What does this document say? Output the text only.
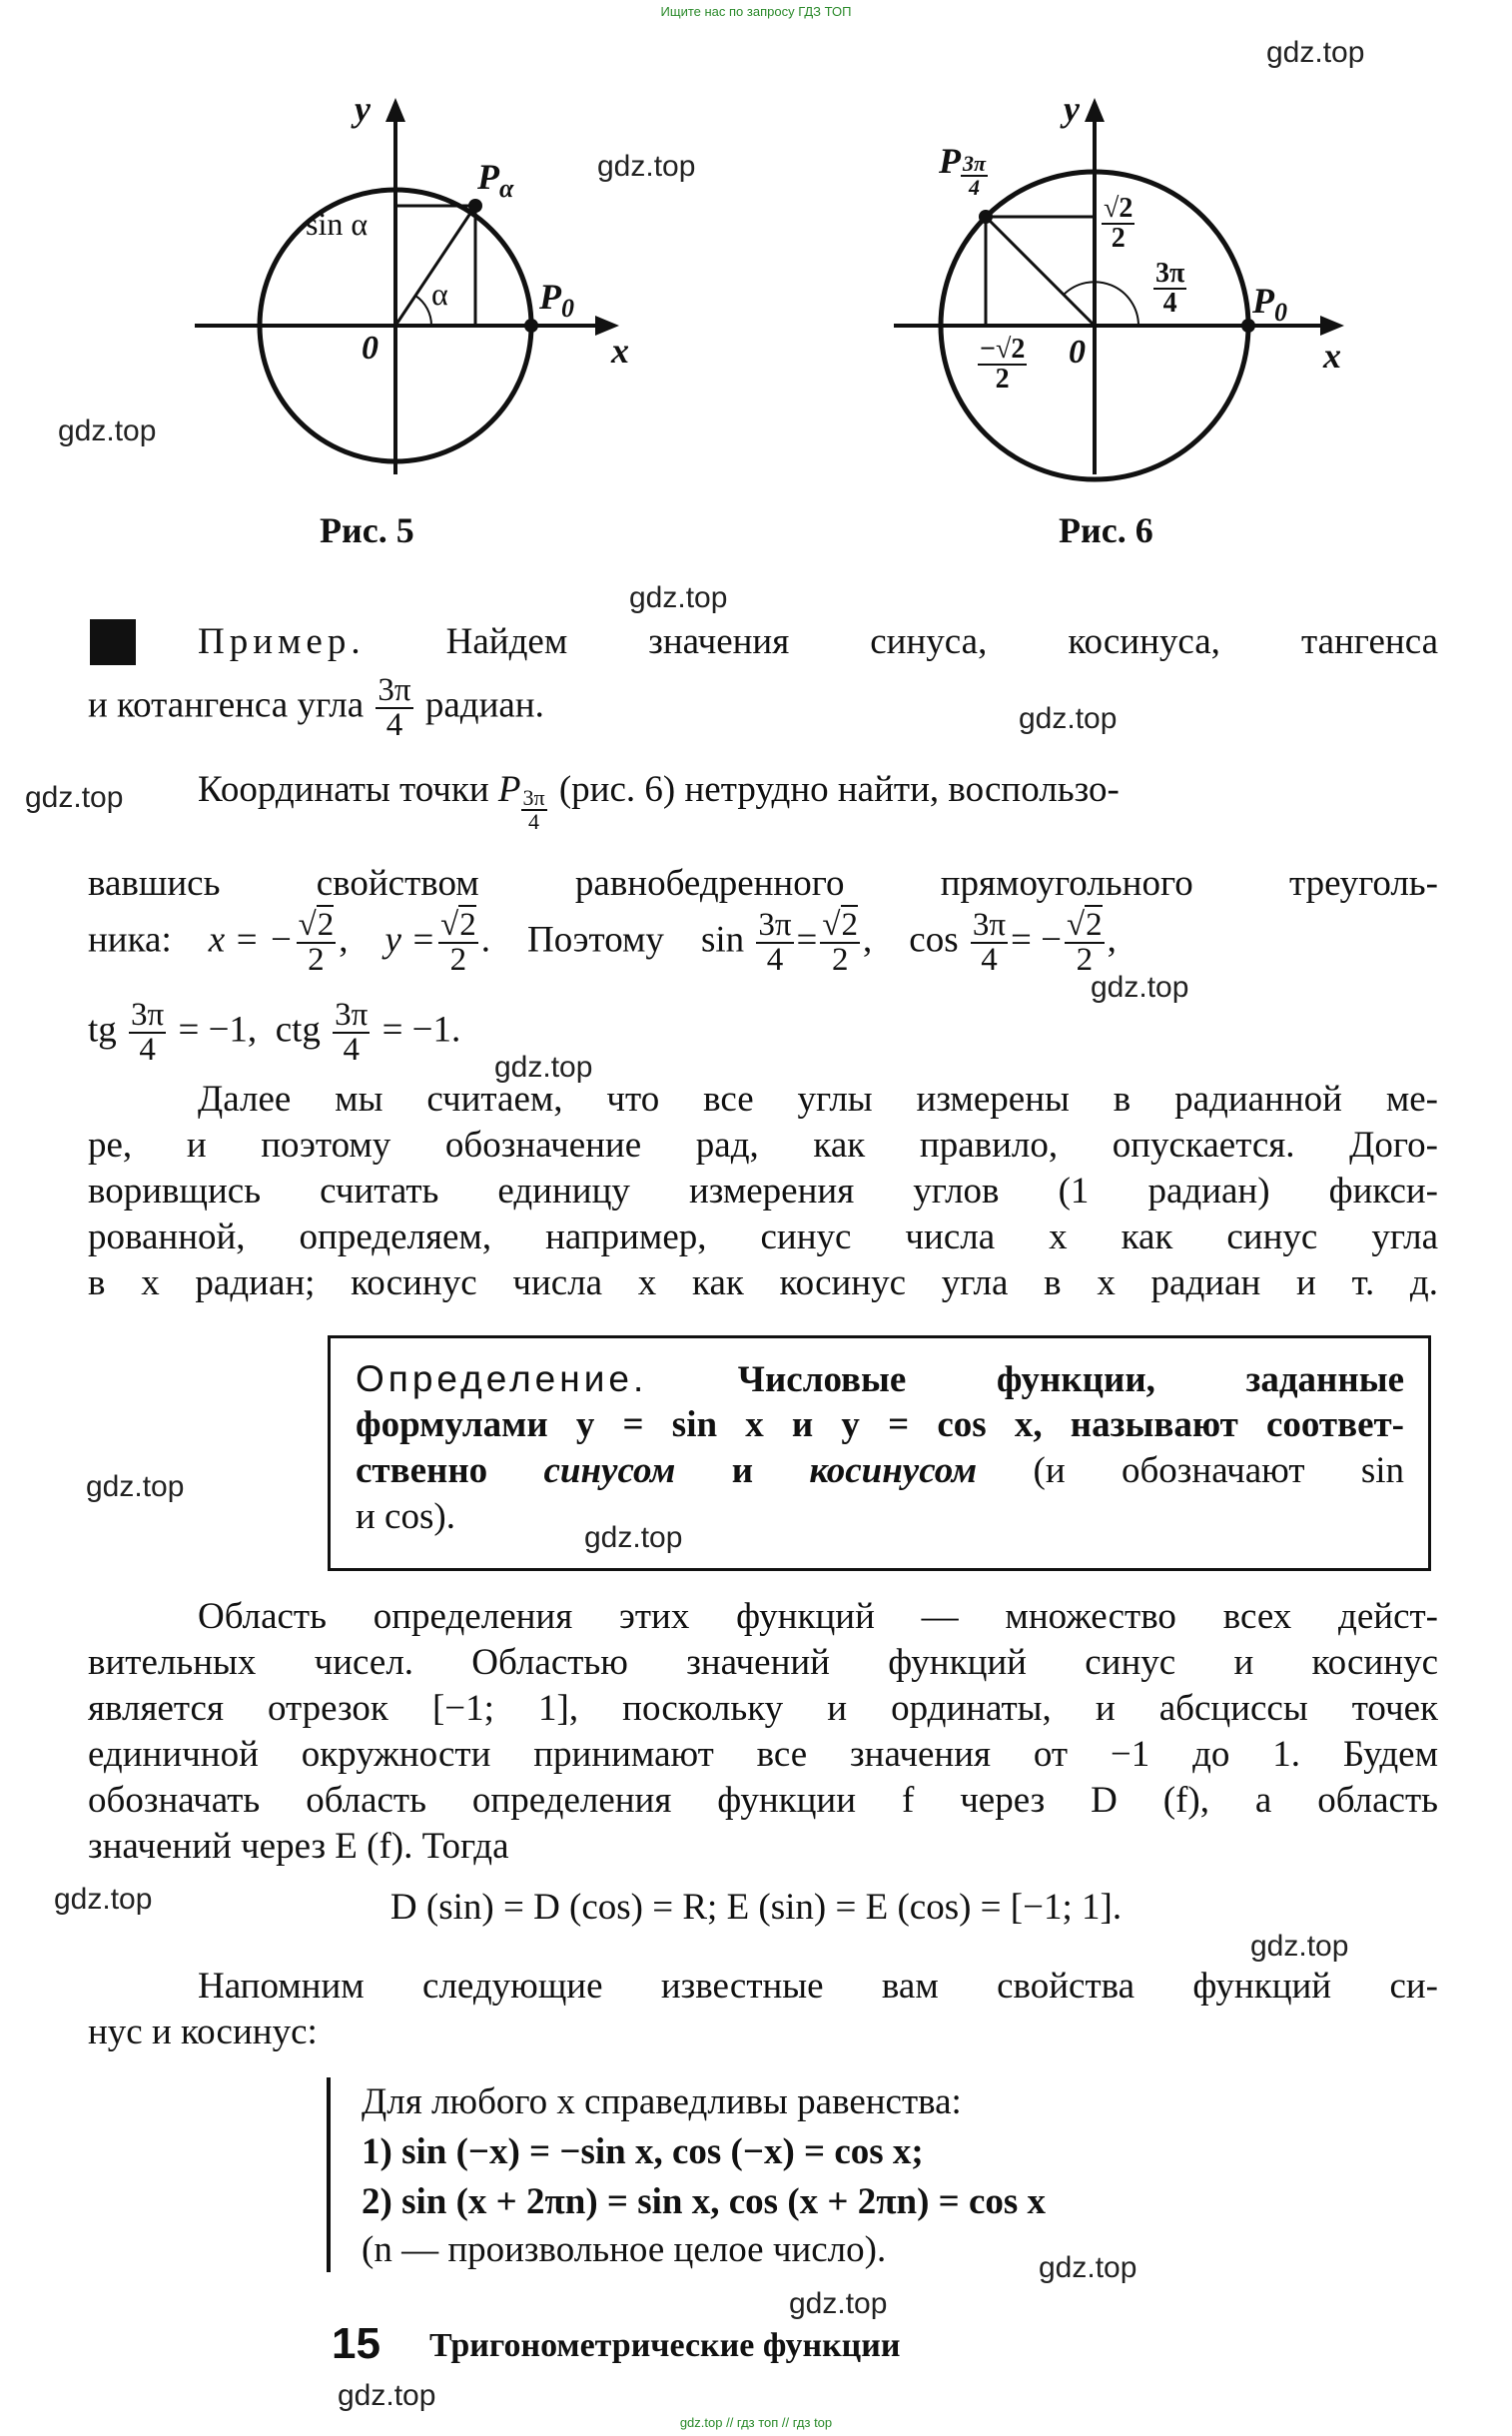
Ищите нас по запросу ГДЗ ТОП
gdz.top
gdz.top
gdz.top
gdz.top
gdz.top
gdz.top
gdz.top
gdz.top
gdz.top
gdz.top
gdz.top
gdz.top
gdz.top
gdz.top
gdz.top
y
x
0
$P_\alpha$
$P_0$
sin α
α
Рис. 5
y
x
0
P $\frac{3\pi}{4}$
$\frac{√2}{2}$
$\frac{-√2}{2}$
$\frac{3\pi}{4} P_0$
Рис. 6
Пример. Найдем значения синуса, косинуса, тангенса
и котангенса угла $\frac{3\pi}{4}$ радиан.
Координаты точки P $\frac{3\pi}{4} (рис$. 6) нетрудно найти, воспользо-
вавшись свойством равнобедренного прямоугольного треуголь-
ника: x = − $\frac{√2}{2}$ ,    $y = \frac{√2}{2}$ .    Поэтому $\sin \frac{3\pi}{4} = \frac{√2}{2}$ ,    $\cos \frac{3\pi}{4}$ = − $\frac{√2}{2}$ ,
tg $\frac{3\pi}{4} = -1$, ctg $\frac{3\pi}{4} = -1$.
Далее мы считаем, что все углы измерены в радианной ме-
ре, и поэтому обозначение рад, как правило, опускается. Дого-
воривщись считать единицу измерения углов (1 радиан) фикси-
рованной, определяем, например, синус числа x как синус угла
в x радиан; косинус числа x как косинус угла в x радиан и т. д.
Определение. Числовые функции, заданные
формулами y = sin x и y = cos x, называют соответ-
ственно синусом и косинусом (и обозначают sin
и cos).
Область определения этих функций — множество всех дейст-
вительных чисел. Областью значений функций синус и косинус
является отрезок [−1; 1], поскольку и ординаты, и абсциссы точек
единичной окружности принимают все значения от −1 до 1. Будем
обозначать область определения функции f через D (f), а область
значений через E (f). Тогда
D (sin) = D (cos) = R; E (sin) = E (cos) = [−1; 1].
Напомним следующие известные вам свойства функций си-
нус и косинус:
Для любого x справедливы равенства:
1) sin (−x) = −sin x, cos (−x) = cos x;
2) sin (x + 2πn) = sin x, cos (x + 2πn) = cos x
(n — произвольное целое число).
15 Тригонометрические функции
gdz.top // гдз топ // гдз top
